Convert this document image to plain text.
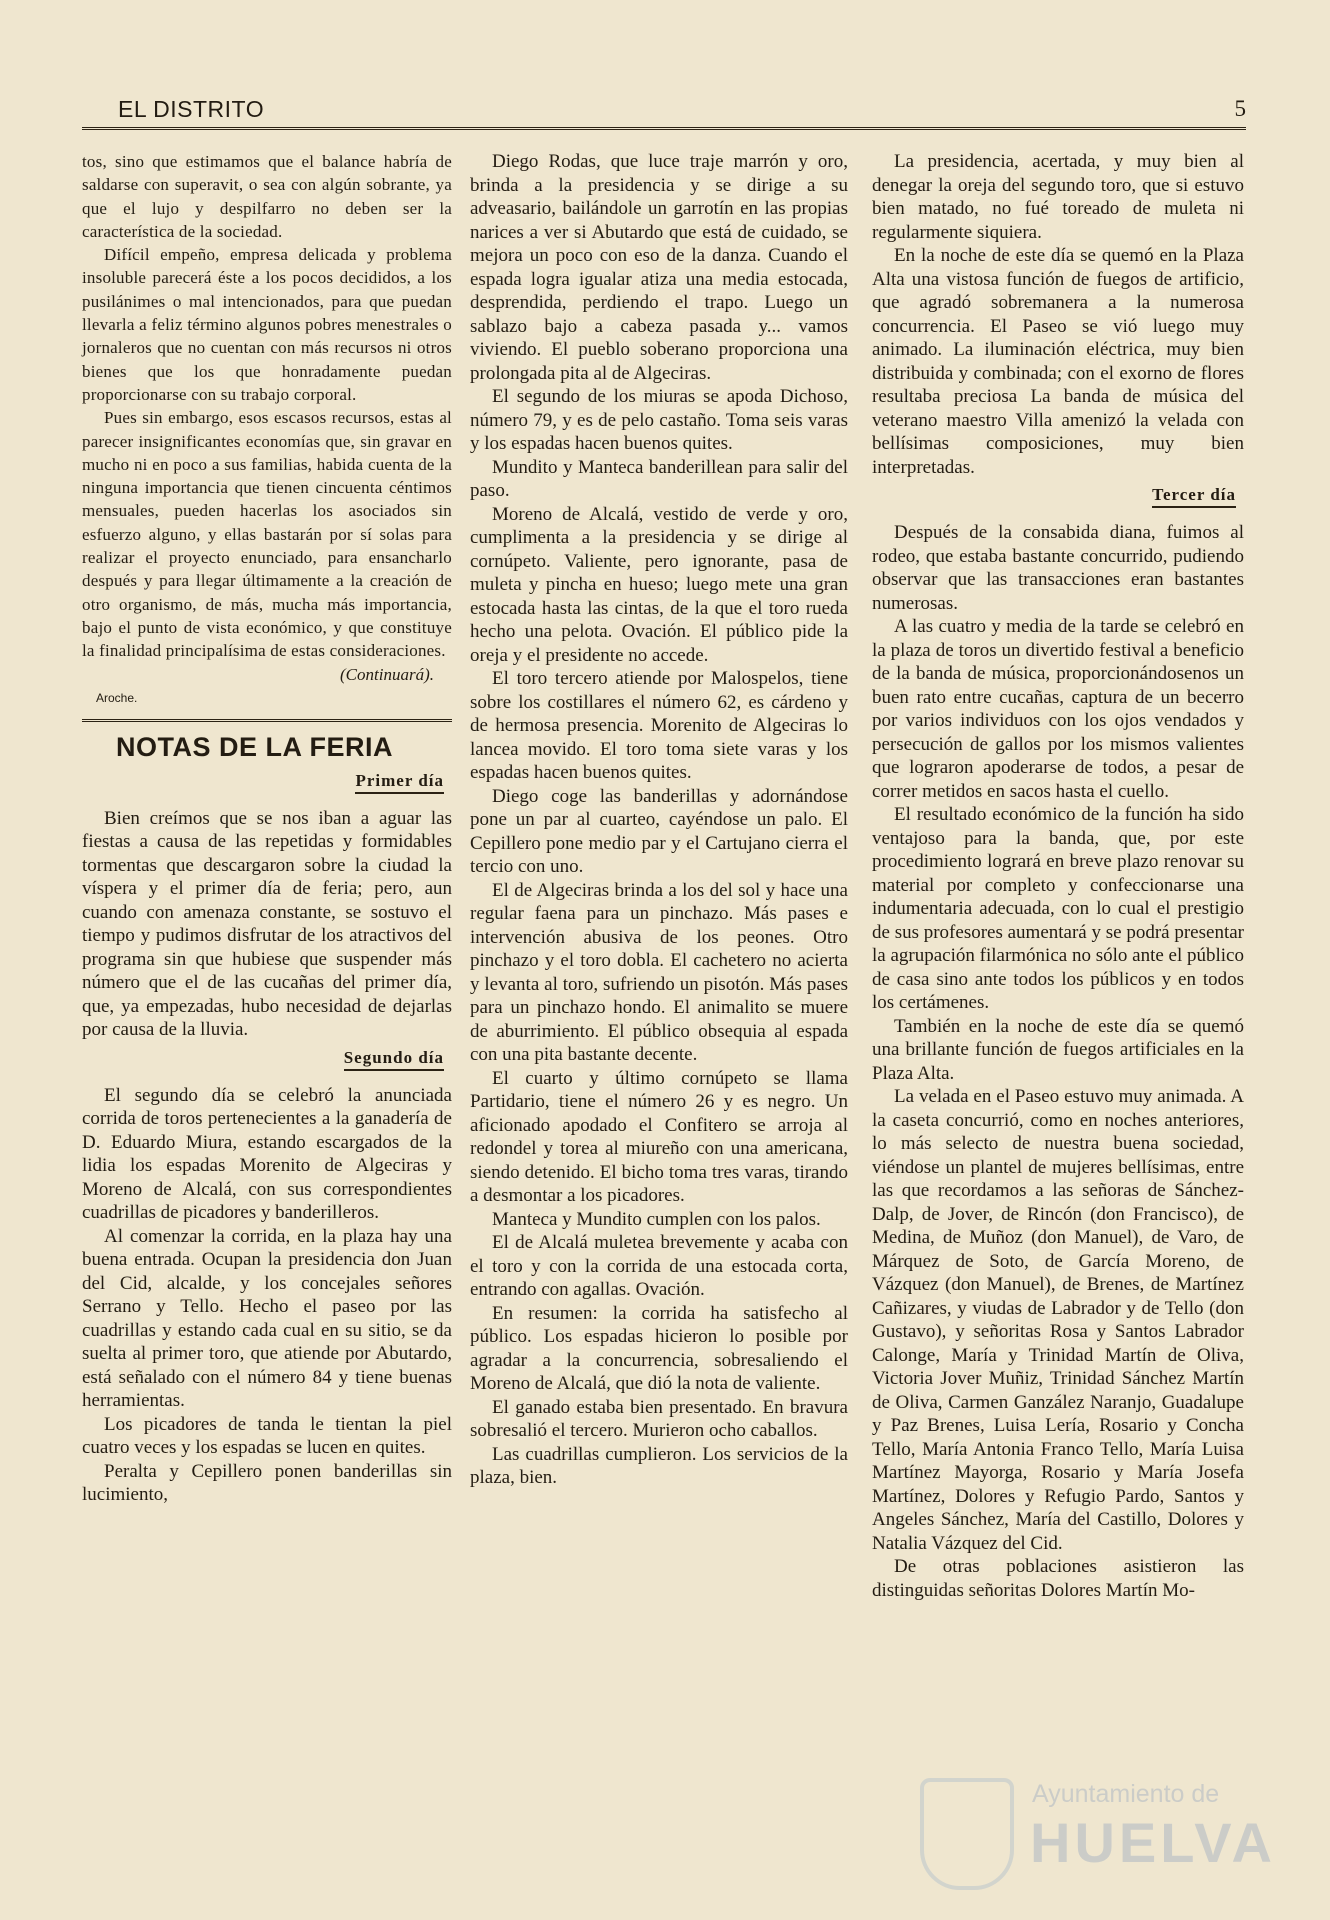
EL DISTRITO	5

tos, sino que estimamos que el balance habría de saldarse con superavit, o sea con algún sobrante, ya que el lujo y despilfarro no deben ser la característica de la sociedad.

Difícil empeño, empresa delicada y problema insoluble parecerá éste a los pocos decididos, a los pusilánimes o mal intencionados, para que puedan llevarla a feliz término algunos pobres menestrales o jornaleros que no cuentan con más recursos ni otros bienes que los que honradamente puedan proporcionarse con su trabajo corporal.

Pues sin embargo, esos escasos recursos, estas al parecer insignificantes economías que, sin gravar en mucho ni en poco a sus familias, habida cuenta de la ninguna importancia que tienen cincuenta céntimos mensuales, pueden hacerlas los asociados sin esfuerzo alguno, y ellas bastarán por sí solas para realizar el proyecto enunciado, para ensancharlo después y para llegar últimamente a la creación de otro organismo, de más, mucha más importancia, bajo el punto de vista económico, y que constituye la finalidad principalísima de estas consideraciones.

(Continuará).
Aroche.
NOTAS DE LA FERIA
Primer día

Bien creímos que se nos iban a aguar las fiestas a causa de las repetidas y formidables tormentas que descargaron sobre la ciudad la víspera y el primer día de feria; pero, aun cuando con amenaza constante, se sostuvo el tiempo y pudimos disfrutar de los atractivos del programa sin que hubiese que suspender más número que el de las cucañas del primer día, que, ya empezadas, hubo necesidad de dejarlas por causa de la lluvia.

Segundo día

El segundo día se celebró la anunciada corrida de toros pertenecientes a la ganadería de D. Eduardo Miura, estando escargados de la lidia los espadas Morenito de Algeciras y Moreno de Alcalá, con sus correspondientes cuadrillas de picadores y banderilleros.

Al comenzar la corrida, en la plaza hay una buena entrada. Ocupan la presidencia don Juan del Cid, alcalde, y los concejales señores Serrano y Tello. Hecho el paseo por las cuadrillas y estando cada cual en su sitio, se da suelta al primer toro, que atiende por Abutardo, está señalado con el número 84 y tiene buenas herramientas.

Los picadores de tanda le tientan la piel cuatro veces y los espadas se lucen en quites.

Peralta y Cepillero ponen banderillas sin lucimiento,

Diego Rodas, que luce traje marrón y oro, brinda a la presidencia y se dirige a su adveasario, bailándole un garrotín en las propias narices a ver si Abutardo que está de cuidado, se mejora un poco con eso de la danza. Cuando el espada logra igualar atiza una media estocada, desprendida, perdiendo el trapo. Luego un sablazo bajo a cabeza pasada y... vamos viviendo. El pueblo soberano proporciona una prolongada pita al de Algeciras.

El segundo de los miuras se apoda Dichoso, número 79, y es de pelo castaño. Toma seis varas y los espadas hacen buenos quites.

Mundito y Manteca banderillean para salir del paso.

Moreno de Alcalá, vestido de verde y oro, cumplimenta a la presidencia y se dirige al cornúpeto. Valiente, pero ignorante, pasa de muleta y pincha en hueso; luego mete una gran estocada hasta las cintas, de la que el toro rueda hecho una pelota. Ovación. El público pide la oreja y el presidente no accede.

El toro tercero atiende por Malospelos, tiene sobre los costillares el número 62, es cárdeno y de hermosa presencia. Morenito de Algeciras lo lancea movido. El toro toma siete varas y los espadas hacen buenos quites.

Diego coge las banderillas y adornándose pone un par al cuarteo, cayéndose un palo. El Cepillero pone medio par y el Cartujano cierra el tercio con uno.

El de Algeciras brinda a los del sol y hace una regular faena para un pinchazo. Más pases e intervención abusiva de los peones. Otro pinchazo y el toro dobla. El cachetero no acierta y levanta al toro, sufriendo un pisotón. Más pases para un pinchazo hondo. El animalito se muere de aburrimiento. El público obsequia al espada con una pita bastante decente.

El cuarto y último cornúpeto se llama Partidario, tiene el número 26 y es negro. Un aficionado apodado el Confitero se arroja al redondel y torea al miureño con una americana, siendo detenido. El bicho toma tres varas, tirando a desmontar a los picadores.

Manteca y Mundito cumplen con los palos.

El de Alcalá muletea brevemente y acaba con el toro y con la corrida de una estocada corta, entrando con agallas. Ovación.

En resumen: la corrida ha satisfecho al público. Los espadas hicieron lo posible por agradar a la concurrencia, sobresaliendo el Moreno de Alcalá, que dió la nota de valiente.

El ganado estaba bien presentado. En bravura sobresalió el tercero. Murieron ocho caballos.

Las cuadrillas cumplieron. Los servicios de la plaza, bien.

La presidencia, acertada, y muy bien al denegar la oreja del segundo toro, que si estuvo bien matado, no fué toreado de muleta ni regularmente siquiera.

En la noche de este día se quemó en la Plaza Alta una vistosa función de fuegos de artificio, que agradó sobremanera a la numerosa concurrencia. El Paseo se vió luego muy animado. La iluminación eléctrica, muy bien distribuida y combinada; con el exorno de flores resultaba preciosa La banda de música del veterano maestro Villa amenizó la velada con bellísimas composiciones, muy bien interpretadas.

Tercer día

Después de la consabida diana, fuimos al rodeo, que estaba bastante concurrido, pudiendo observar que las transacciones eran bastantes numerosas.

A las cuatro y media de la tarde se celebró en la plaza de toros un divertido festival a beneficio de la banda de música, proporcionándosenos un buen rato entre cucañas, captura de un becerro por varios individuos con los ojos vendados y persecución de gallos por los mismos valientes que lograron apoderarse de todos, a pesar de correr metidos en sacos hasta el cuello.

El resultado económico de la función ha sido ventajoso para la banda, que, por este procedimiento logrará en breve plazo renovar su material por completo y confeccionarse una indumentaria adecuada, con lo cual el prestigio de sus profesores aumentará y se podrá presentar la agrupación filarmónica no sólo ante el público de casa sino ante todos los públicos y en todos los certámenes.

También en la noche de este día se quemó una brillante función de fuegos artificiales en la Plaza Alta.

La velada en el Paseo estuvo muy animada. A la caseta concurrió, como en noches anteriores, lo más selecto de nuestra buena sociedad, viéndose un plantel de mujeres bellísimas, entre las que recordamos a las señoras de Sánchez-Dalp, de Jover, de Rincón (don Francisco), de Medina, de Muñoz (don Manuel), de Varo, de Márquez de Soto, de García Moreno, de Vázquez (don Manuel), de Brenes, de Martínez Cañizares, y viudas de Labrador y de Tello (don Gustavo), y señoritas Rosa y Santos Labrador Calonge, María y Trinidad Martín de Oliva, Victoria Jover Muñiz, Trinidad Sánchez Martín de Oliva, Carmen Ganzález Naranjo, Guadalupe y Paz Brenes, Luisa Lería, Rosario y Concha Tello, María Antonia Franco Tello, María Luisa Martínez Mayorga, Rosario y María Josefa Martínez, Dolores y Refugio Pardo, Santos y Angeles Sánchez, María del Castillo, Dolores y Natalia Vázquez del Cid.

De otras poblaciones asistieron las distinguidas señoritas Dolores Martín Mo-

Ayuntamiento de
HUELVA
